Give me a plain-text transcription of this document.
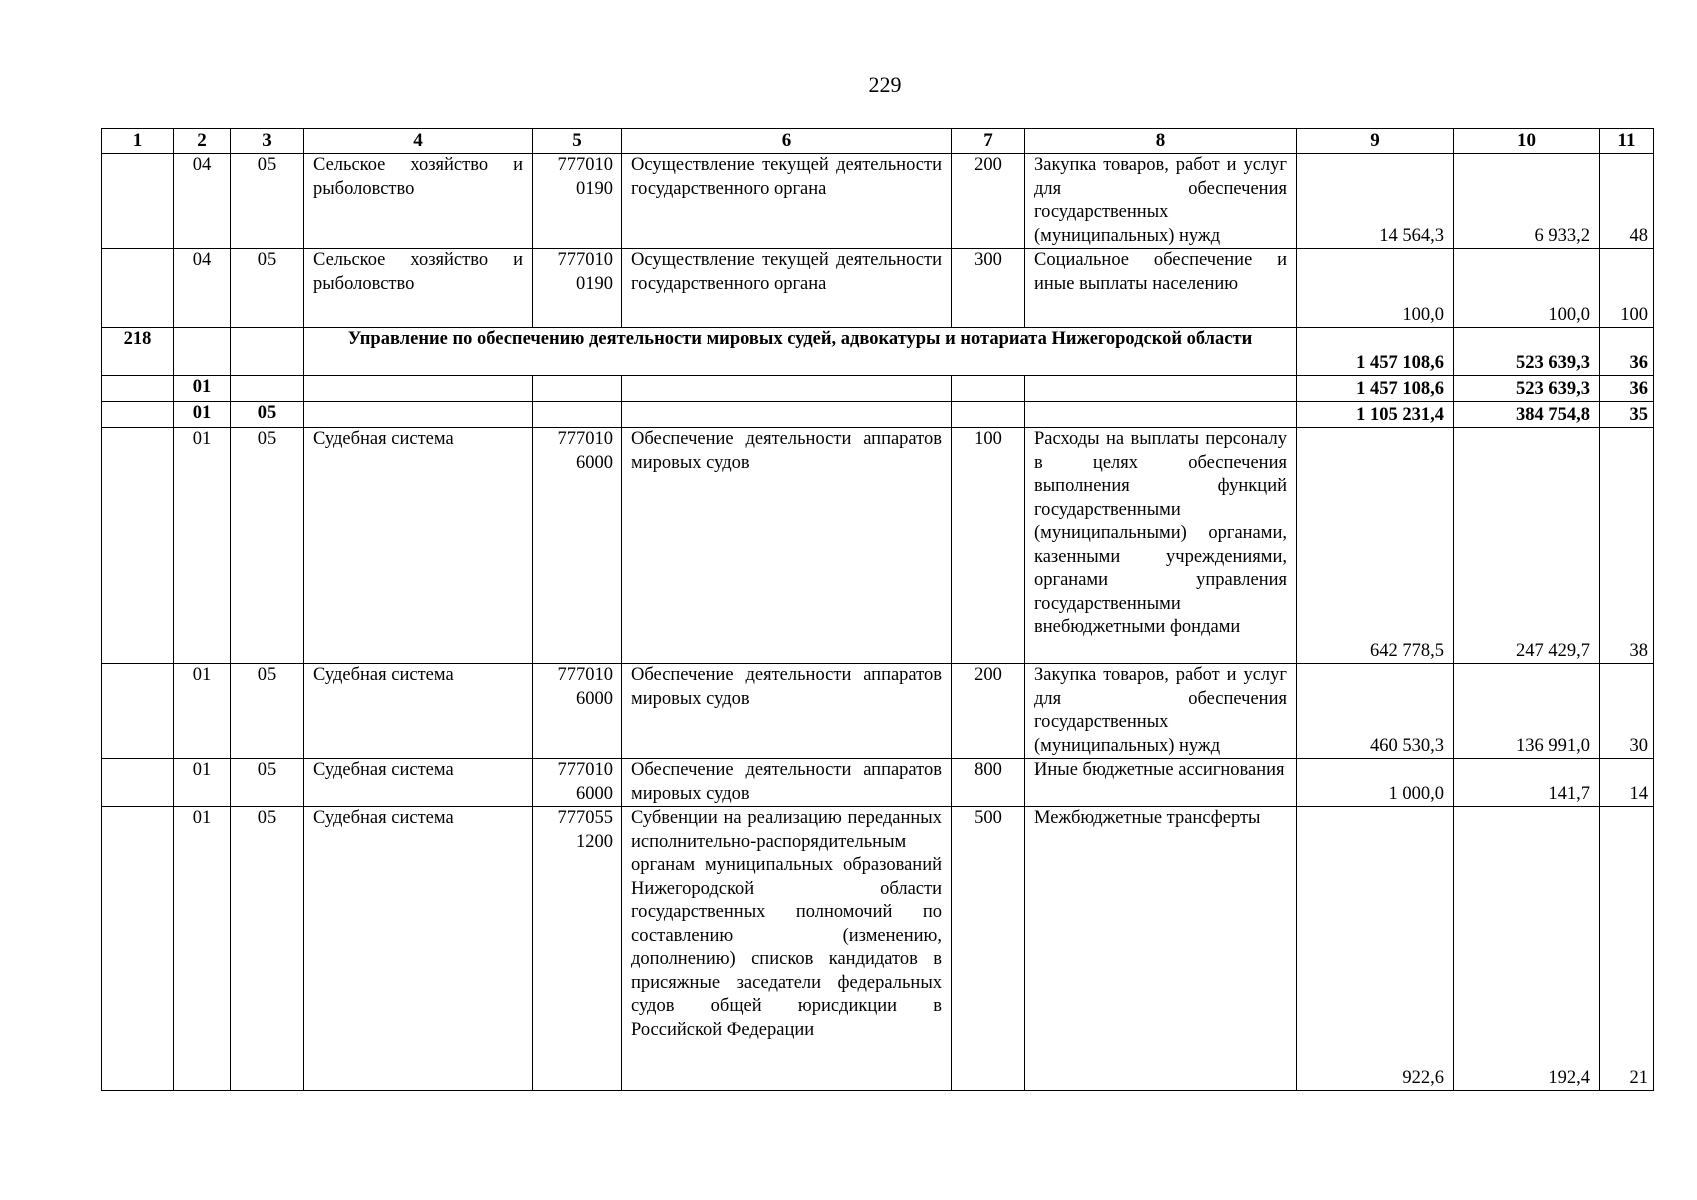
229
1	2	3	4	5	6	7	8	9	10	11
	04	05	Сельское хозяйство и рыболовство	777010 0190	Осуществление текущей деятельности государственного органа	200	Закупка товаров, работ и услуг для обеспечения государственных (муниципальных) нужд	14 564,3	6 933,2	48
	04	05	Сельское хозяйство и рыболовство	777010 0190	Осуществление текущей деятельности государственного органа	300	Социальное обеспечение и иные выплаты населению	100,0	100,0	100
218			Управление по обеспечению деятельности мировых судей, адвокатуры и нотариата Нижегородской области					1 457 108,6	523 639,3	36
	01							1 457 108,6	523 639,3	36
	01	05						1 105 231,4	384 754,8	35
	01	05	Судебная система	777010 6000	Обеспечение деятельности аппаратов мировых судов	100	Расходы на выплаты персоналу в целях обеспечения выполнения функций государственными (муниципальными) органами, казенными учреждениями, органами управления государственными внебюджетными фондами	642 778,5	247 429,7	38
	01	05	Судебная система	777010 6000	Обеспечение деятельности аппаратов мировых судов	200	Закупка товаров, работ и услуг для обеспечения государственных (муниципальных) нужд	460 530,3	136 991,0	30
	01	05	Судебная система	777010 6000	Обеспечение деятельности аппаратов мировых судов	800	Иные бюджетные ассигнования	1 000,0	141,7	14
	01	05	Судебная система	777055 1200	Субвенции на реализацию переданных исполнительно-распорядительным органам муниципальных образований Нижегородской области государственных полномочий по составлению (изменению, дополнению) списков кандидатов в присяжные заседатели федеральных судов общей юрисдикции в Российской Федерации	500	Межбюджетные трансферты	922,6	192,4	21
